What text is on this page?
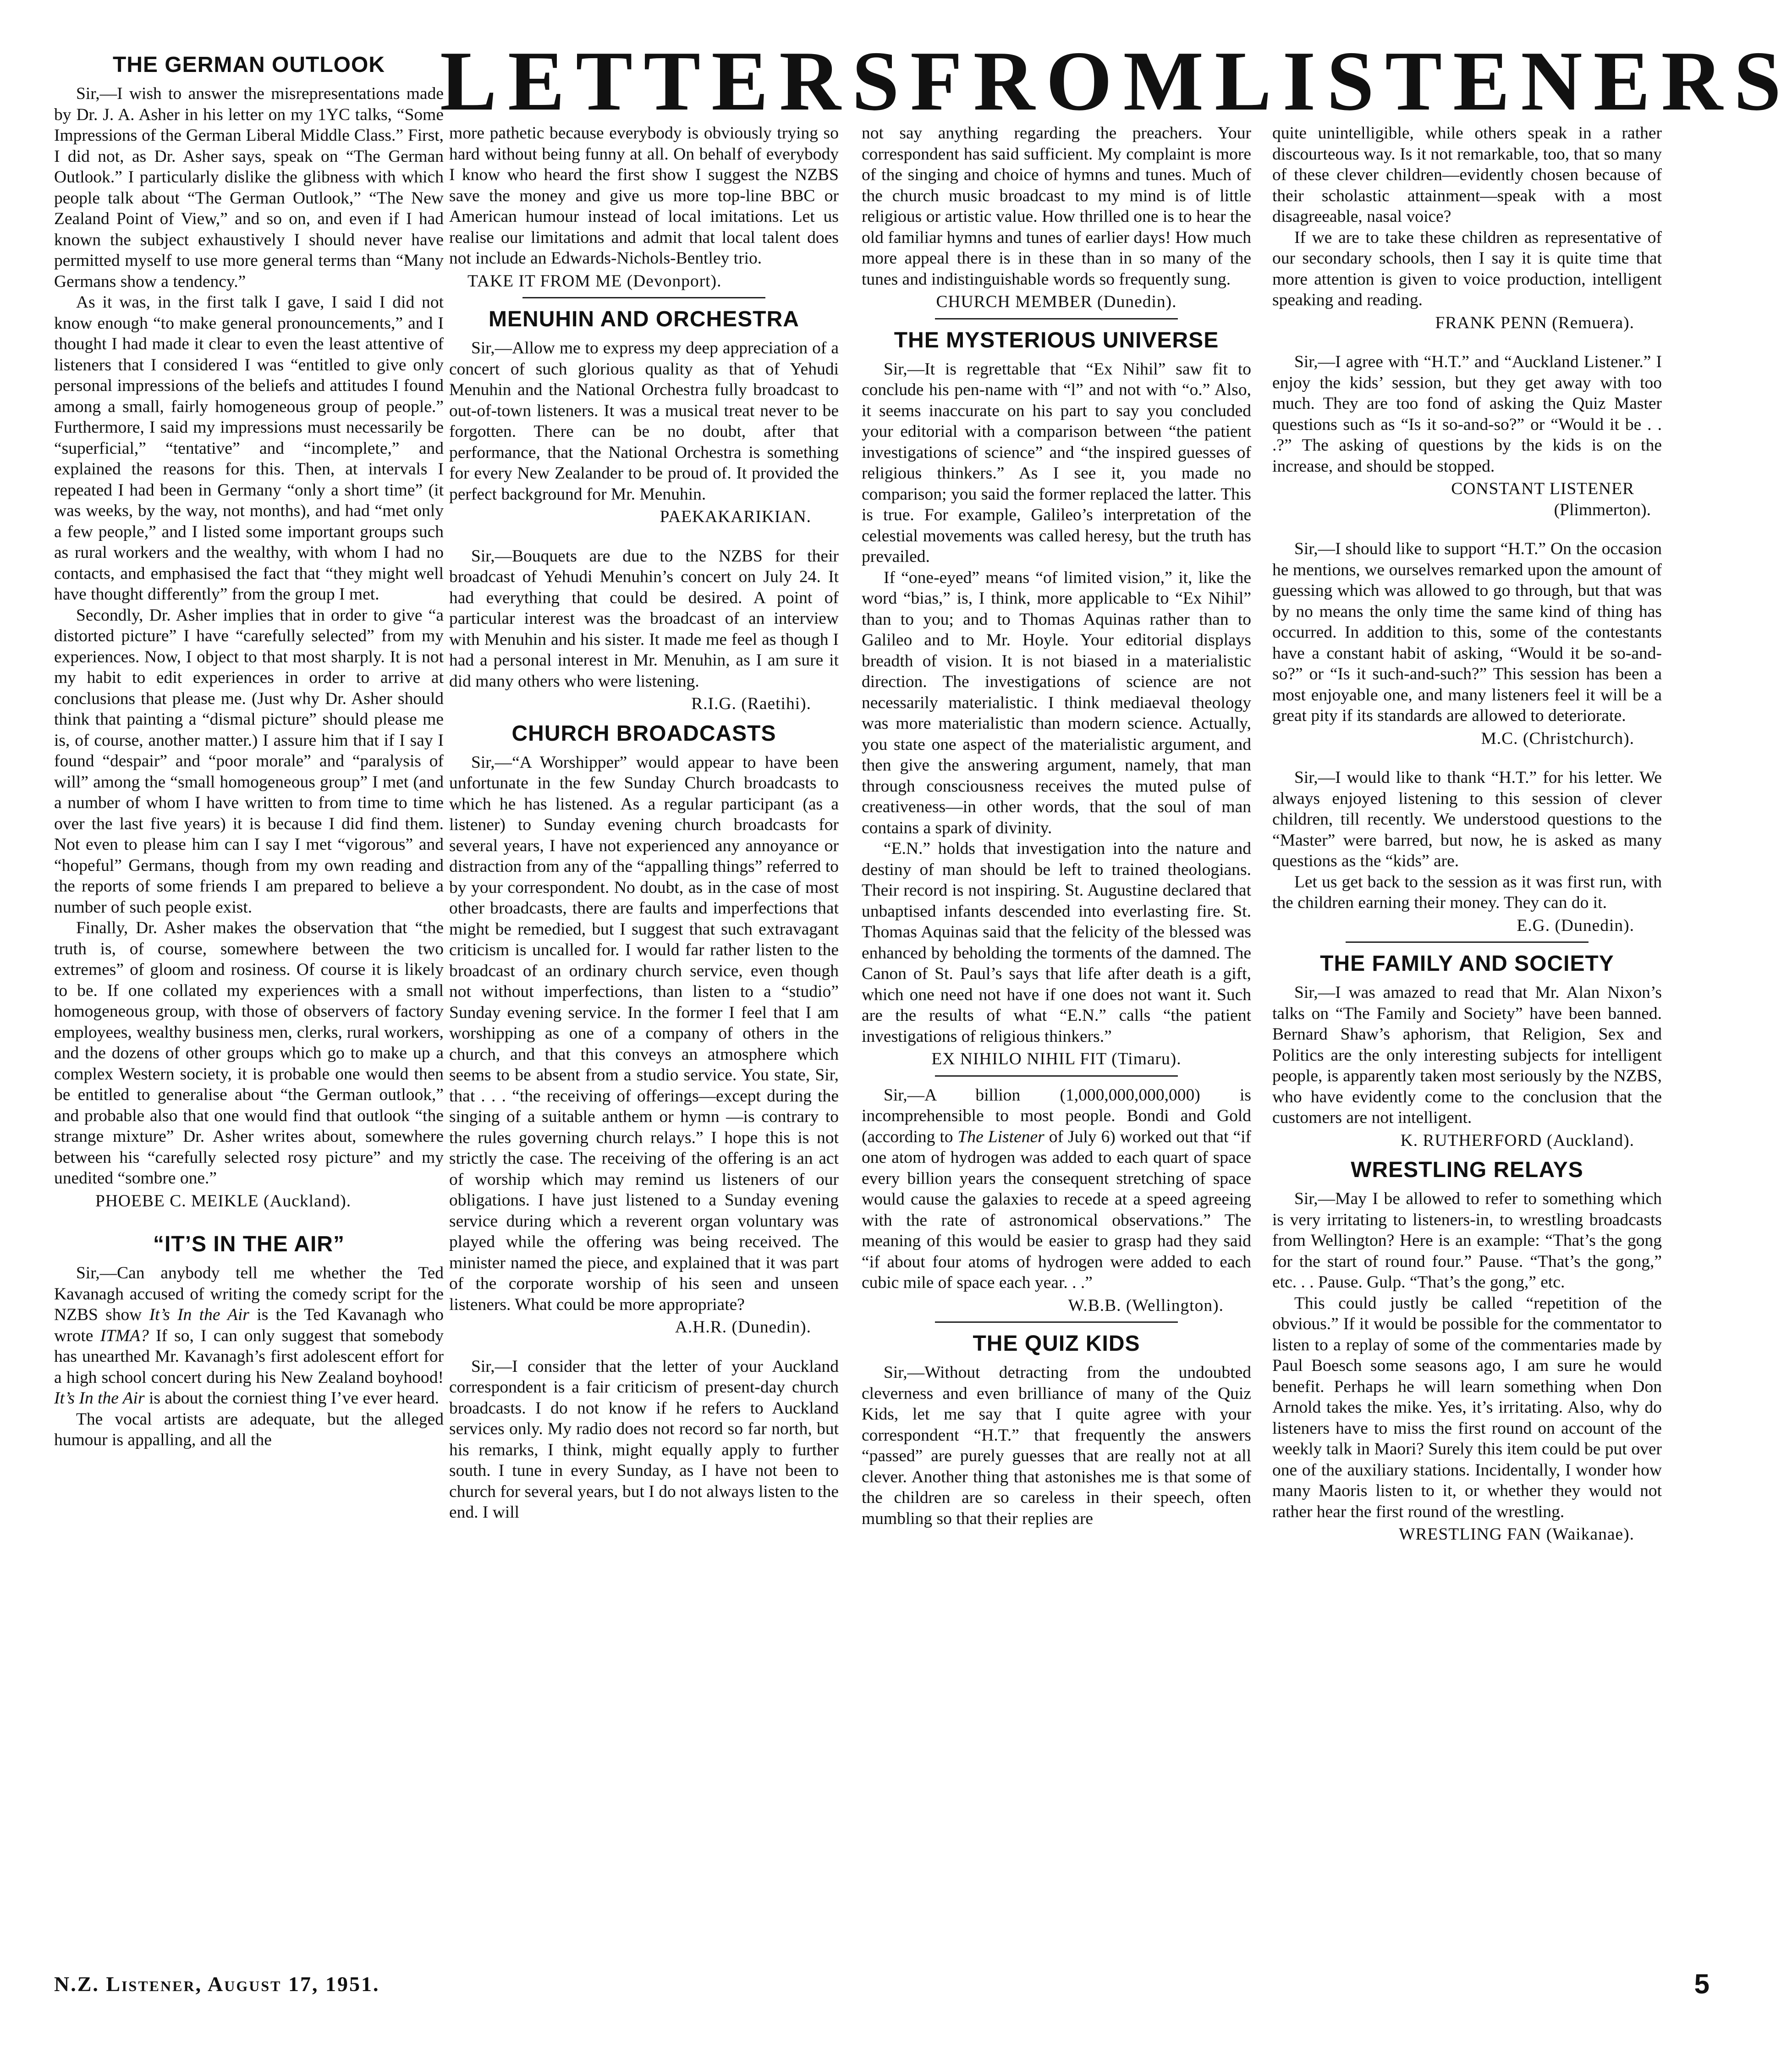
LETTERS FROM LISTENERS
THE GERMAN OUTLOOK

Sir,—I wish to answer the misrepresentations made by Dr. J. A. Asher in his letter on my 1YC talks, “Some Impressions of the German Liberal Middle Class.” First, I did not, as Dr. Asher says, speak on “The German Outlook.” I particularly dislike the glibness with which people talk about “The German Outlook,” “The New Zealand Point of View,” and so on, and even if I had known the subject exhaustively I should never have permitted myself to use more general terms than “Many Germans show a tendency.”

As it was, in the first talk I gave, I said I did not know enough “to make general pronouncements,” and I thought I had made it clear to even the least attentive of listeners that I considered I was “entitled to give only personal impressions of the beliefs and attitudes I found among a small, fairly homogeneous group of people.” Furthermore, I said my impressions must necessarily be “superficial,” “tentative” and “incomplete,” and explained the reasons for this. Then, at intervals I repeated I had been in Germany “only a short time” (it was weeks, by the way, not months), and had “met only a few people,” and I listed some important groups such as rural workers and the wealthy, with whom I had no contacts, and emphasised the fact that “they might well have thought differently” from the group I met.

Secondly, Dr. Asher implies that in order to give “a distorted picture” I have “carefully selected” from my experiences. Now, I object to that most sharply. It is not my habit to edit experiences in order to arrive at conclusions that please me. (Just why Dr. Asher should think that painting a “dismal picture” should please me is, of course, another matter.) I assure him that if I say I found “despair” and “poor morale” and “paralysis of will” among the “small homogeneous group” I met (and a number of whom I have written to from time to time over the last five years) it is because I did find them. Not even to please him can I say I met “vigorous” and “hopeful” Germans, though from my own reading and the reports of some friends I am prepared to believe a number of such people exist.

Finally, Dr. Asher makes the observation that “the truth is, of course, somewhere between the two extremes” of gloom and rosiness. Of course it is likely to be. If one collated my experiences with a small homogeneous group, with those of observers of factory employees, wealthy business men, clerks, rural workers, and the dozens of other groups which go to make up a complex Western society, it is probable one would then be entitled to generalise about “the German outlook,” and probable also that one would find that outlook “the strange mixture” Dr. Asher writes about, somewhere between his “carefully selected rosy picture” and my unedited “sombre one.”

PHOEBE C. MEIKLE (Auckland).
“IT’S IN THE AIR”

Sir,—Can anybody tell me whether the Ted Kavanagh accused of writing the comedy script for the NZBS show It’s In the Air is the Ted Kavanagh who wrote ITMA? If so, I can only suggest that somebody has unearthed Mr. Kavanagh’s first adolescent effort for a high school concert during his New Zealand boyhood! It’s In the Air is about the corniest thing I’ve ever heard.

The vocal artists are adequate, but the alleged humour is appalling, and all the

more pathetic because everybody is obviously trying so hard without being funny at all. On behalf of everybody I know who heard the first show I suggest the NZBS save the money and give us more top-line BBC or American humour instead of local imitations. Let us realise our limitations and admit that local talent does not include an Edwards-Nichols-Bentley trio.

TAKE IT FROM ME (Devonport).
MENUHIN AND ORCHESTRA

Sir,—Allow me to express my deep appreciation of a concert of such glorious quality as that of Yehudi Menuhin and the National Orchestra fully broadcast to out-of-town listeners. It was a musical treat never to be forgotten. There can be no doubt, after that performance, that the National Orchestra is something for every New Zealander to be proud of. It provided the perfect background for Mr. Menuhin.

PAEKAKARIKIAN.

Sir,—Bouquets are due to the NZBS for their broadcast of Yehudi Menuhin’s concert on July 24. It had everything that could be desired. A point of particular interest was the broadcast of an interview with Menuhin and his sister. It made me feel as though I had a personal interest in Mr. Menuhin, as I am sure it did many others who were listening.

R.I.G. (Raetihi).
CHURCH BROADCASTS

Sir,—“A Worshipper” would appear to have been unfortunate in the few Sunday Church broadcasts to which he has listened. As a regular participant (as a listener) to Sunday evening church broadcasts for several years, I have not experienced any annoyance or distraction from any of the “appalling things” referred to by your correspondent. No doubt, as in the case of most other broadcasts, there are faults and imperfections that might be remedied, but I suggest that such extravagant criticism is uncalled for. I would far rather listen to the broadcast of an ordinary church service, even though not without imperfections, than listen to a “studio” Sunday evening service. In the former I feel that I am worshipping as one of a company of others in the church, and that this conveys an atmosphere which seems to be absent from a studio service. You state, Sir, that . . . “the receiving of offerings—except during the singing of a suitable anthem or hymn —is contrary to the rules governing church relays.” I hope this is not strictly the case. The receiving of the offering is an act of worship which may remind us listeners of our obligations. I have just listened to a Sunday evening service during which a reverent organ voluntary was played while the offering was being received. The minister named the piece, and explained that it was part of the corporate worship of his seen and unseen listeners. What could be more appropriate?

A.H.R. (Dunedin).

Sir,—I consider that the letter of your Auckland correspondent is a fair criticism of present-day church broadcasts. I do not know if he refers to Auckland services only. My radio does not record so far north, but his remarks, I think, might equally apply to further south. I tune in every Sunday, as I have not been to church for several years, but I do not always listen to the end. I will

not say anything regarding the preachers. Your correspondent has said sufficient. My complaint is more of the singing and choice of hymns and tunes. Much of the church music broadcast to my mind is of little religious or artistic value. How thrilled one is to hear the old familiar hymns and tunes of earlier days! How much more appeal there is in these than in so many of the tunes and indistinguishable words so frequently sung.

CHURCH MEMBER (Dunedin).
THE MYSTERIOUS UNIVERSE

Sir,—It is regrettable that “Ex Nihil” saw fit to conclude his pen-name with “l” and not with “o.” Also, it seems inaccurate on his part to say you concluded your editorial with a comparison between “the patient investigations of science” and “the inspired guesses of religious thinkers.” As I see it, you made no comparison; you said the former replaced the latter. This is true. For example, Galileo’s interpretation of the celestial movements was called heresy, but the truth has prevailed.

If “one-eyed” means “of limited vision,” it, like the word “bias,” is, I think, more applicable to “Ex Nihil” than to you; and to Thomas Aquinas rather than to Galileo and to Mr. Hoyle. Your editorial displays breadth of vision. It is not biased in a materialistic direction. The investigations of science are not necessarily materialistic. I think mediaeval theology was more materialistic than modern science. Actually, you state one aspect of the materialistic argument, and then give the answering argument, namely, that man through consciousness receives the muted pulse of creativeness—in other words, that the soul of man contains a spark of divinity.

“E.N.” holds that investigation into the nature and destiny of man should be left to trained theologians. Their record is not inspiring. St. Augustine declared that unbaptised infants descended into everlasting fire. St. Thomas Aquinas said that the felicity of the blessed was enhanced by beholding the torments of the damned. The Canon of St. Paul’s says that life after death is a gift, which one need not have if one does not want it. Such are the results of what “E.N.” calls “the patient investigations of religious thinkers.”

EX NIHILO NIHIL FIT (Timaru).

Sir,—A billion (1,000,000,000,000) is incomprehensible to most people. Bondi and Gold (according to The Listener of July 6) worked out that “if one atom of hydrogen was added to each quart of space every billion years the consequent stretching of space would cause the galaxies to recede at a speed agreeing with the rate of astronomical observations.” The meaning of this would be easier to grasp had they said “if about four atoms of hydrogen were added to each cubic mile of space each year. . .”

W.B.B. (Wellington).
THE QUIZ KIDS

Sir,—Without detracting from the undoubted cleverness and even brilliance of many of the Quiz Kids, let me say that I quite agree with your correspondent “H.T.” that frequently the answers “passed” are purely guesses that are really not at all clever. Another thing that astonishes me is that some of the children are so careless in their speech, often mumbling so that their replies are

quite unintelligible, while others speak in a rather discourteous way. Is it not remarkable, too, that so many of these clever children—evidently chosen because of their scholastic attainment—speak with a most disagreeable, nasal voice?

If we are to take these children as representative of our secondary schools, then I say it is quite time that more attention is given to voice production, intelligent speaking and reading.

FRANK PENN (Remuera).

Sir,—I agree with “H.T.” and “Auckland Listener.” I enjoy the kids’ session, but they get away with too much. They are too fond of asking the Quiz Master questions such as “Is it so-and-so?” or “Would it be . . .?” The asking of questions by the kids is on the increase, and should be stopped.

CONSTANT LISTENER
(Plimmerton).

Sir,—I should like to support “H.T.” On the occasion he mentions, we ourselves remarked upon the amount of guessing which was allowed to go through, but that was by no means the only time the same kind of thing has occurred. In addition to this, some of the contestants have a constant habit of asking, “Would it be so-and-so?” or “Is it such-and-such?” This session has been a most enjoyable one, and many listeners feel it will be a great pity if its standards are allowed to deteriorate.

M.C. (Christchurch).

Sir,—I would like to thank “H.T.” for his letter. We always enjoyed listening to this session of clever children, till recently. We understood questions to the “Master” were barred, but now, he is asked as many questions as the “kids” are.

Let us get back to the session as it was first run, with the children earning their money. They can do it.

E.G. (Dunedin).
THE FAMILY AND SOCIETY

Sir,—I was amazed to read that Mr. Alan Nixon’s talks on “The Family and Society” have been banned. Bernard Shaw’s aphorism, that Religion, Sex and Politics are the only interesting subjects for intelligent people, is apparently taken most seriously by the NZBS, who have evidently come to the conclusion that the customers are not intelligent.

K. RUTHERFORD (Auckland).
WRESTLING RELAYS

Sir,—May I be allowed to refer to something which is very irritating to listeners-in, to wrestling broadcasts from Wellington? Here is an example: “That’s the gong for the start of round four.” Pause. “That’s the gong,” etc. . . Pause. Gulp. “That’s the gong,” etc.

This could justly be called “repetition of the obvious.” If it would be possible for the commentator to listen to a replay of some of the commentaries made by Paul Boesch some seasons ago, I am sure he would benefit. Perhaps he will learn something when Don Arnold takes the mike. Yes, it’s irritating. Also, why do listeners have to miss the first round on account of the weekly talk in Maori? Surely this item could be put over one of the auxiliary stations. Incidentally, I wonder how many Maoris listen to it, or whether they would not rather hear the first round of the wrestling.

WRESTLING FAN (Waikanae).
N.Z. Listener, August 17, 1951.	5
